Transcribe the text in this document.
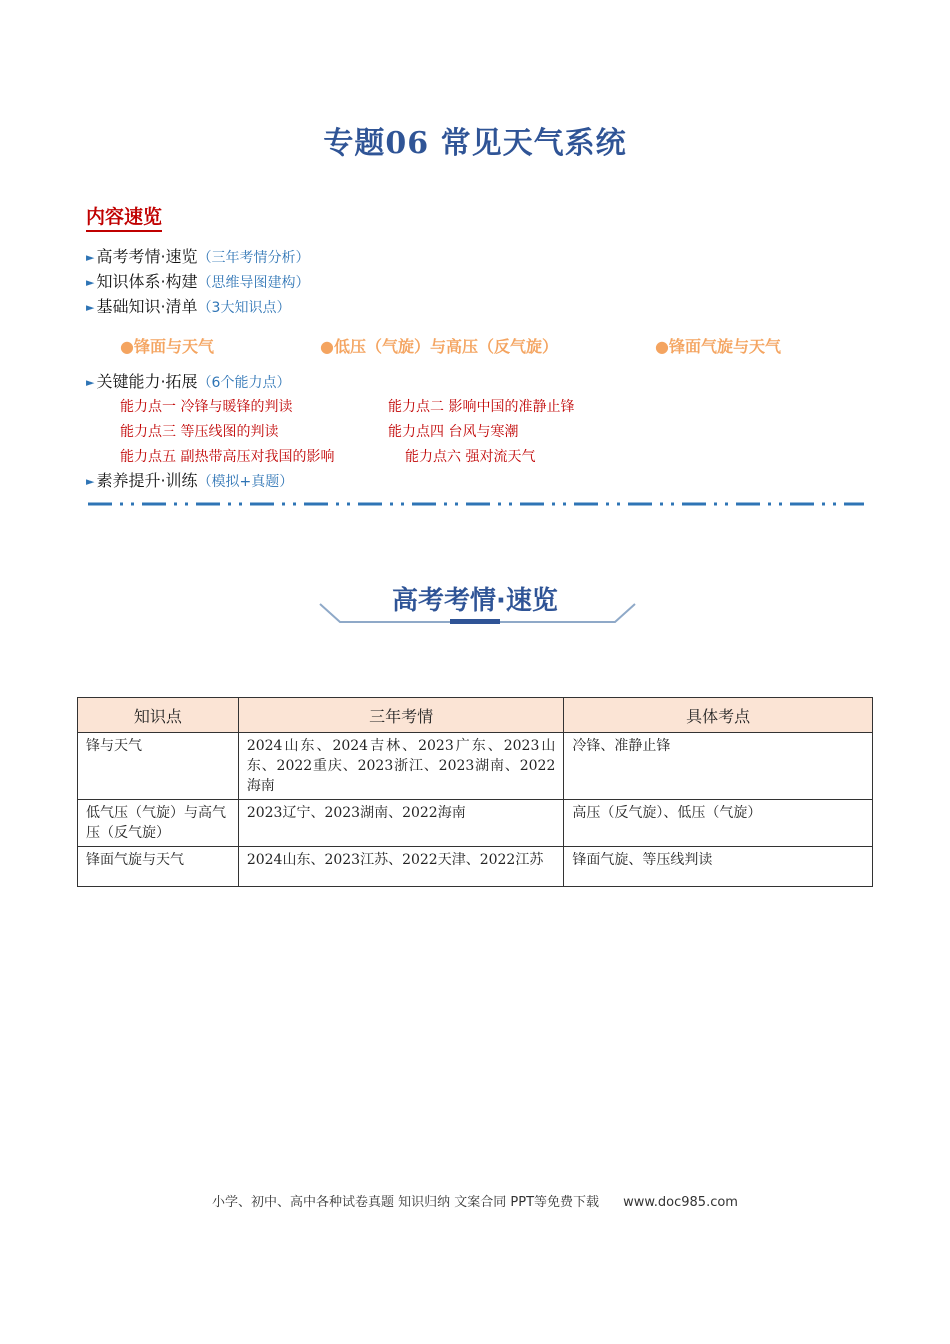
专题06 常见天气系统
内容速览
► 高考考情·速览（三年考情分析）
► 知识体系·构建（思维导图建构）
► 基础知识·清单（3大知识点）
●锋面与天气	●低压（气旋）与高压（反气旋）	●锋面气旋与天气
► 关键能力·拓展（6个能力点）
能力点一 冷锋与暖锋的判读	能力点二 影响中国的准静止锋
能力点三 等压线图的判读	能力点四 台风与寒潮
能力点五 副热带高压对我国的影响	能力点六 强对流天气
► 素养提升·训练（模拟+真题）
高考考情·速览
知识点	三年考情	具体考点
锋与天气	2024山东、2024吉林、2023广东、2023山东、2022重庆、2023浙江、2023湖南、2022海南	冷锋、准静止锋
低气压（气旋）与高气压（反气旋）	2023辽宁、2023湖南、2022海南	高压（反气旋）、低压（气旋）
锋面气旋与天气	2024山东、2023江苏、2022天津、2022江苏	锋面气旋、等压线判读
小学、初中、高中各种试卷真题 知识归纳 文案合同 PPT等免费下载 www.doc985.com
